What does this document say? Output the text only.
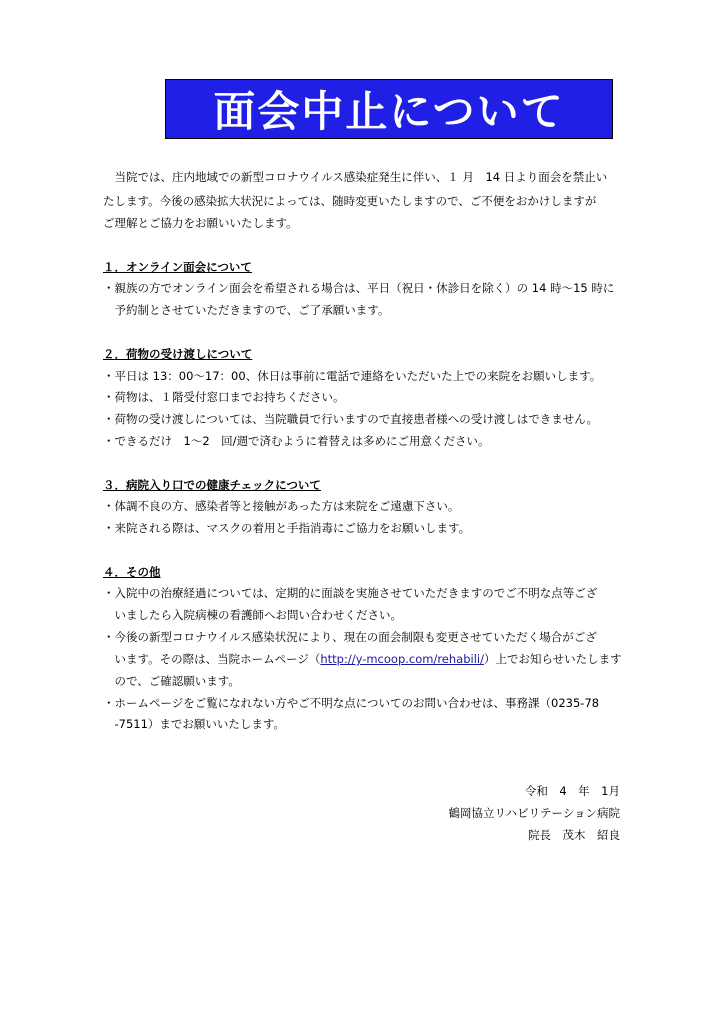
面会中止について
　当院では、庄内地域での新型コロナウイルス感染症発生に伴い、１ 月　14 日より面会を禁止い
たします。今後の感染拡大状況によっては、随時変更いたしますので、ご不便をおかけしますが
ご理解とご協力をお願いいたします。
１．オンライン面会について
・親族の方でオンライン面会を希望される場合は、平日（祝日・休診日を除く）の 14 時～15 時に
　予約制とさせていただきますので、ご了承願います。
２．荷物の受け渡しについて
・平日は 13：00～17：00、休日は事前に電話で連絡をいただいた上での来院をお願いします。
・荷物は、１階受付窓口までお持ちください。
・荷物の受け渡しについては、当院職員で行いますので直接患者様への受け渡しはできません。
・できるだけ　1～2　回/週で済むように着替えは多めにご用意ください。
３．病院入り口での健康チェックについて
・体調不良の方、感染者等と接触があった方は来院をご遠慮下さい。
・来院される際は、マスクの着用と手指消毒にご協力をお願いします。
４．その他
・入院中の治療経過については、定期的に面談を実施させていただきますのでご不明な点等ござ
　いましたら入院病棟の看護師へお問い合わせください。
・今後の新型コロナウイルス感染状況により、現在の面会制限も変更させていただく場合がござ
　います。その際は、当院ホームページ（http://y-mcoop.com/rehabili/）上でお知らせいたします
　ので、ご確認願います。
・ホームページをご覧になれない方やご不明な点についてのお問い合わせは、事務課（0235-78
　-7511）までお願いいたします。
令和　4　年　1月
鶴岡協立リハビリテーション病院
院長　茂木　紹良
